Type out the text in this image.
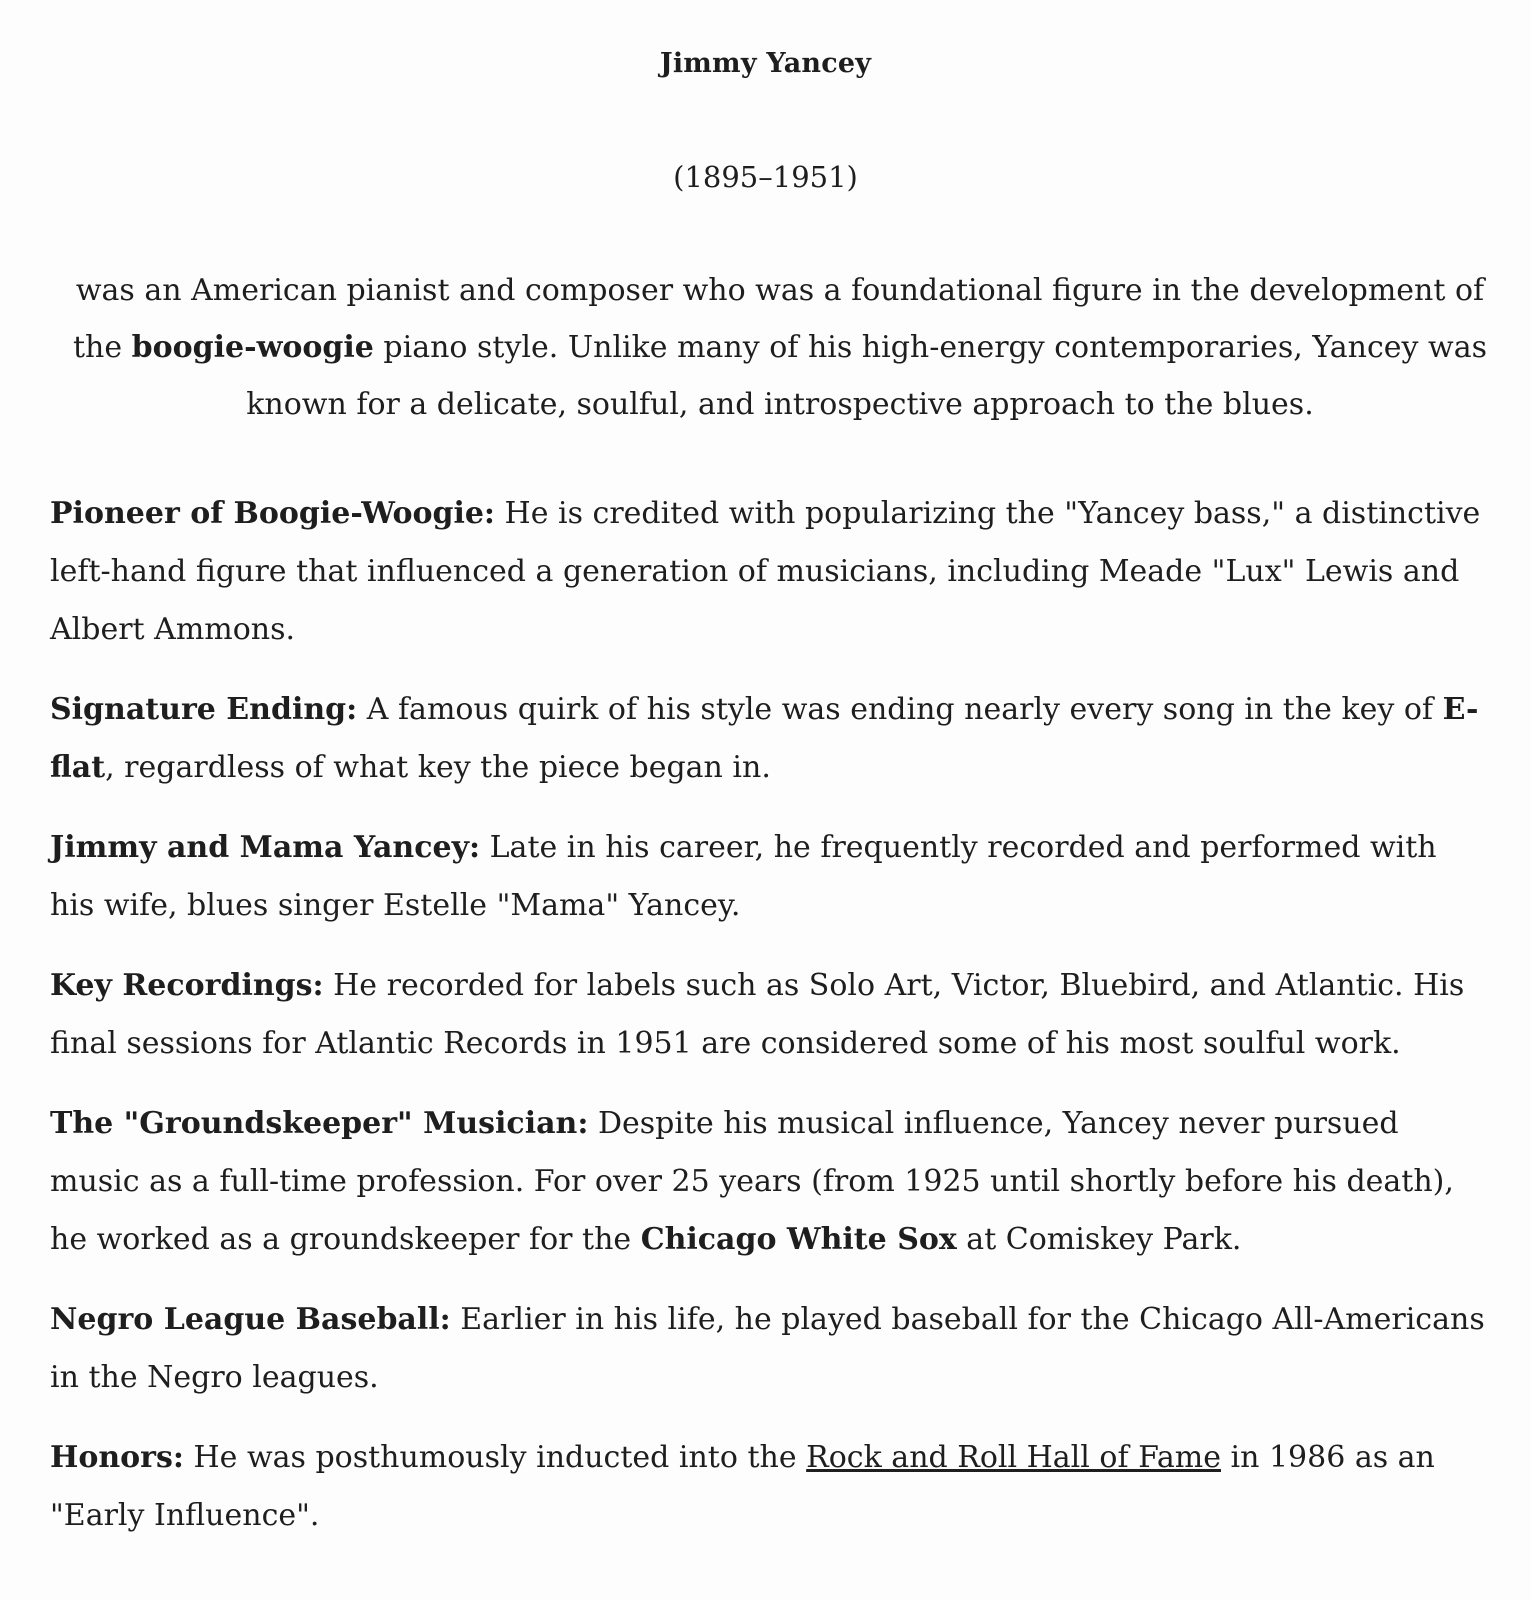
Jimmy Yancey

(1895–1951)

was an American pianist and composer who was a foundational figure in the development of the boogie-woogie piano style. Unlike many of his high-energy contemporaries, Yancey was known for a delicate, soulful, and introspective approach to the blues.

Pioneer of Boogie-Woogie: He is credited with popularizing the "Yancey bass," a distinctive left-hand figure that influenced a generation of musicians, including Meade "Lux" Lewis and Albert Ammons.

Signature Ending: A famous quirk of his style was ending nearly every song in the key of E-flat, regardless of what key the piece began in.

Jimmy and Mama Yancey: Late in his career, he frequently recorded and performed with his wife, blues singer Estelle "Mama" Yancey.

Key Recordings: He recorded for labels such as Solo Art, Victor, Bluebird, and Atlantic. His final sessions for Atlantic Records in 1951 are considered some of his most soulful work.

The "Groundskeeper" Musician: Despite his musical influence, Yancey never pursued music as a full-time profession. For over 25 years (from 1925 until shortly before his death), he worked as a groundskeeper for the Chicago White Sox at Comiskey Park.

Negro League Baseball: Earlier in his life, he played baseball for the Chicago All-Americans in the Negro leagues.

Honors: He was posthumously inducted into the Rock and Roll Hall of Fame in 1986 as an "Early Influence".
